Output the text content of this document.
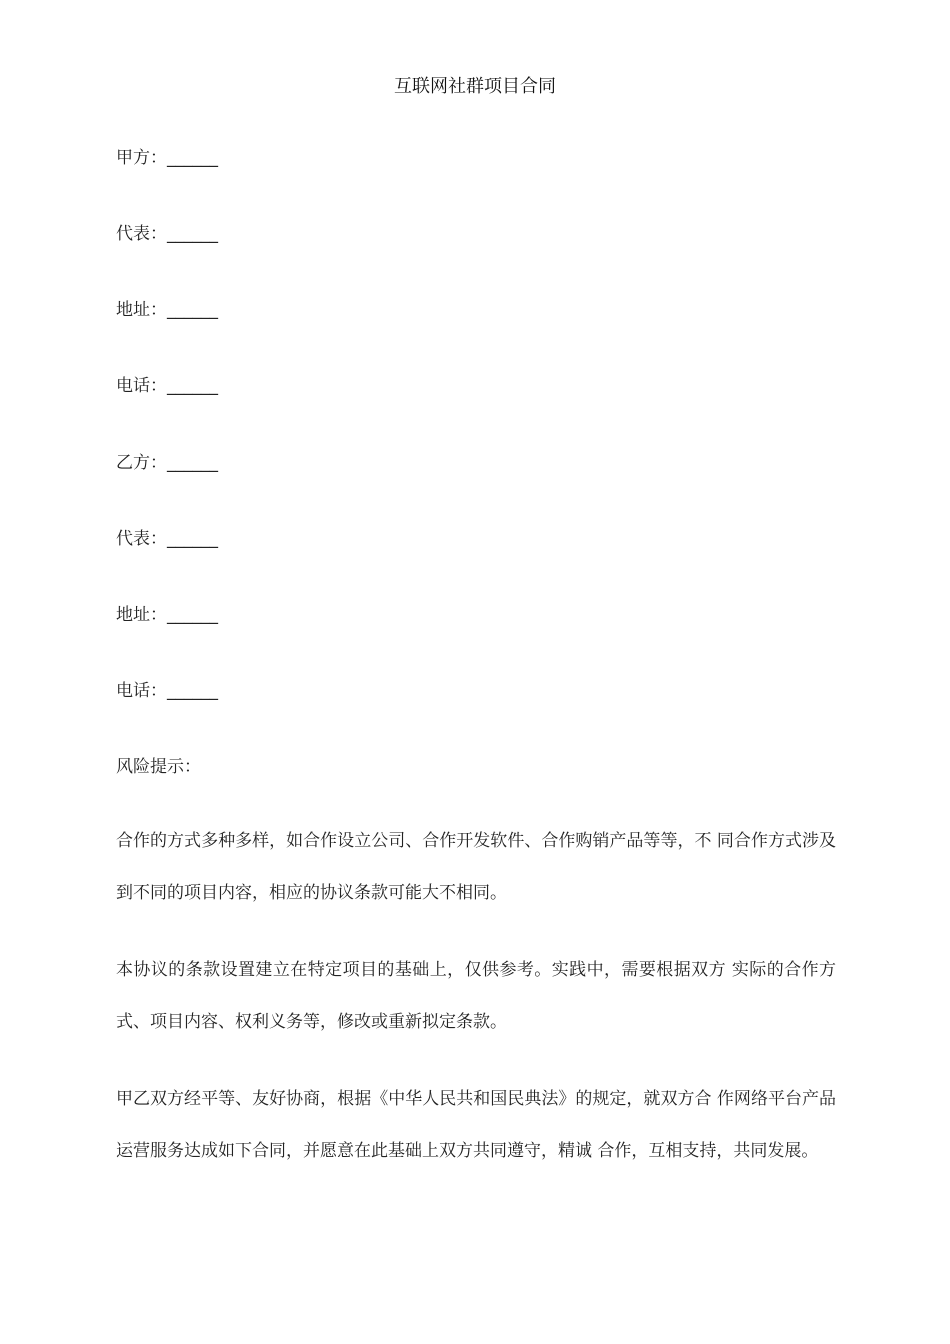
互联网社群项目合同
甲方：______
代表：______
地址：______
电话：______
乙方：______
代表：______
地址：______
电话：______
风险提示：
合作的方式多种多样，如合作设立公司、合作开发软件、合作购销产品等等，不 同合作方式涉及到不同的项目内容，相应的协议条款可能大不相同。
本协议的条款设置建立在特定项目的基础上，仅供参考。实践中，需要根据双方 实际的合作方式、项目内容、权利义务等，修改或重新拟定条款。
甲乙双方经平等、友好协商，根据《中华人民共和国民典法》的规定，就双方合 作网络平台产品运营服务达成如下合同，并愿意在此基础上双方共同遵守，精诚 合作，互相支持，共同发展。
